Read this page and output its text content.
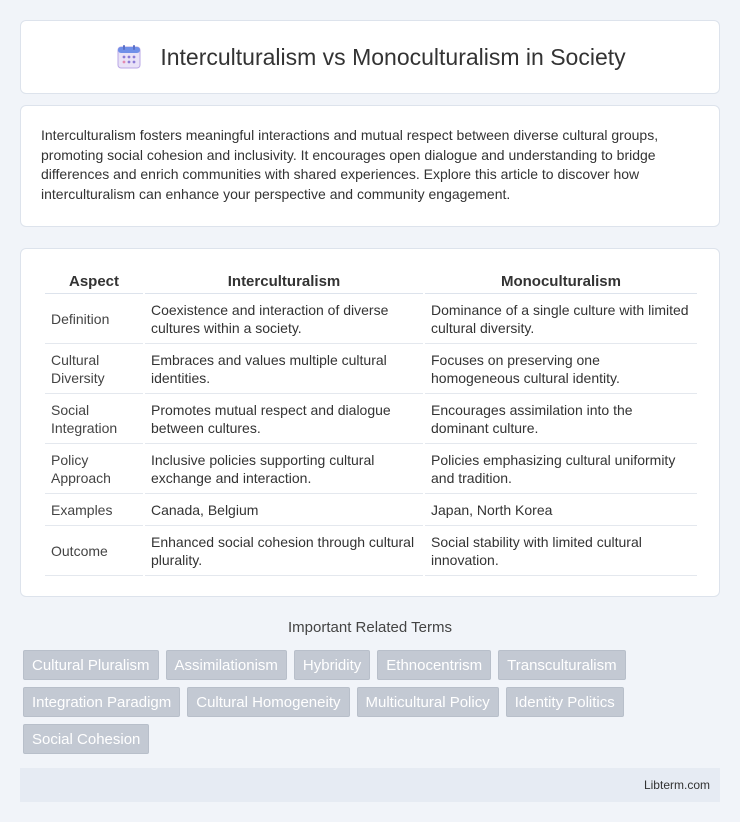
Interculturalism vs Monoculturalism in Society

Interculturalism fosters meaningful interactions and mutual respect between diverse cultural groups, promoting social cohesion and inclusivity. It encourages open dialogue and understanding to bridge differences and enrich communities with shared experiences. Explore this article to discover how interculturalism can enhance your perspective and community engagement.

Aspect	Interculturalism	Monoculturalism
Definition	Coexistence and interaction of diverse cultures within a society.	Dominance of a single culture with limited cultural diversity.
Cultural Diversity	Embraces and values multiple cultural identities.	Focuses on preserving one homogeneous cultural identity.
Social Integration	Promotes mutual respect and dialogue between cultures.	Encourages assimilation into the dominant culture.
Policy Approach	Inclusive policies supporting cultural exchange and interaction.	Policies emphasizing cultural uniformity and tradition.
Examples	Canada, Belgium	Japan, North Korea
Outcome	Enhanced social cohesion through cultural plurality.	Social stability with limited cultural innovation.
Important Related Terms
Cultural Pluralism	Assimilationism	Hybridity	Ethnocentrism	Transculturalism
Integration Paradigm	Cultural Homogeneity	Multicultural Policy	Identity Politics
Social Cohesion
Libterm.com
